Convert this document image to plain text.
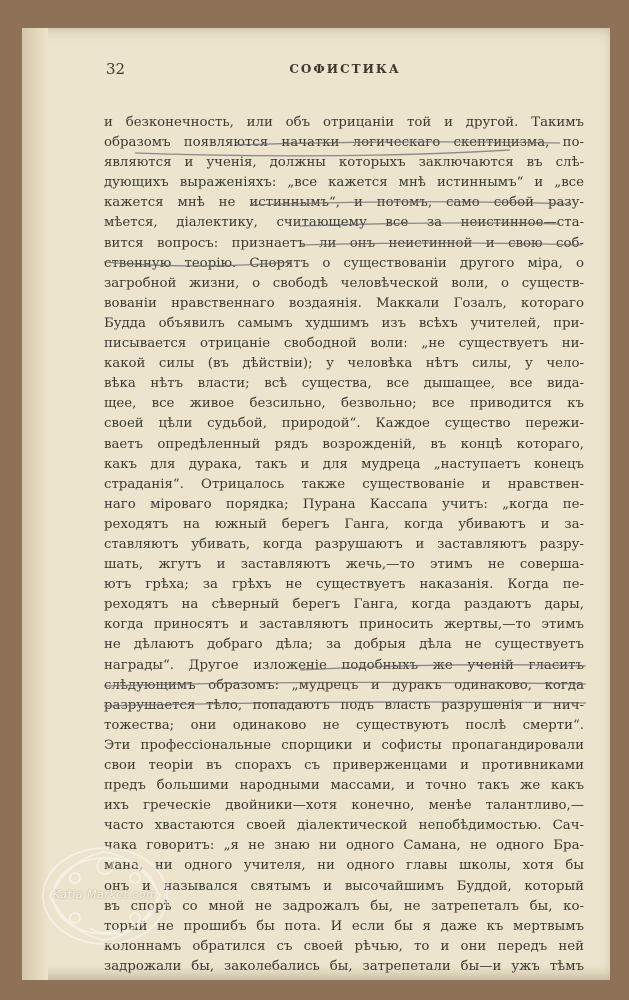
32	СОФИСТИКА
и безконечность, или объ отрицаніи той и другой. Такимъ
образомъ появляются начатки логическаго скептицизма, по-
являются и ученія, должны которыхъ заключаются въ слѣ-
дующихъ выраженіяхъ: „все кажется мнѣ истиннымъ“ и „все
кажется мнѣ не истиннымъ“, и потомъ, само собой разу-
мѣется, діалектику, считающему все за неистинное—ста-
вится вопросъ: признаетъ ли онъ неистинной и свою соб-
ственную теорію. Спорятъ о существованіи другого міра, о
загробной жизни, о свободѣ человѣческой воли, о существ-
вованіи нравственнаго воздаянія. Маккали Гозалъ, котораго
Будда объявилъ самымъ худшимъ изъ всѣхъ учителей, при-
писывается отрицаніе свободной воли: „не существуетъ ни-
какой силы (въ дѣйствіи); у человѣка нѣтъ силы, у чело-
вѣка нѣтъ власти; всѣ существа, все дышащее, все вида-
щее, все живое безсильно, безвольно; все приводится къ
своей цѣли судьбой, природой“. Каждое существо пережи-
ваетъ опредѣленный рядъ возрожденій, въ концѣ котораго,
какъ для дурака, такъ и для мудреца „наступаетъ конецъ
страданія“. Отрицалось также существованіе и нравствен-
наго міроваго порядка; Пурана Кассапа учитъ: „когда пе-
реходятъ на южный берегъ Ганга, когда убиваютъ и за-
ставляютъ убивать, когда разрушаютъ и заставляютъ разру-
шать, жгутъ и заставляютъ жечь,—то этимъ не соверша-
ютъ грѣха; за грѣхъ не существуетъ наказанія. Когда пе-
реходятъ на сѣверный берегъ Ганга, когда раздаютъ дары,
когда приносятъ и заставляютъ приносить жертвы,—то этимъ
не дѣлаютъ добраго дѣла; за добрыя дѣла не существуетъ
награды“. Другое изложеніе подобныхъ же ученій гласитъ
слѣдующимъ образомъ: „мудрецъ и дуракъ одинаково, когда
разрушается тѣло, попадаютъ подъ власть разрушенія и нич-
тожества; они одинаково не существуютъ послѣ смерти“.
Эти профессіональные спорщики и софисты пропагандировали
свои теоріи въ спорахъ съ приверженцами и противниками
предъ большими народными массами, и точно такъ же какъ
ихъ греческіе двойники—хотя конечно, менѣе талантливо,—
часто хвастаются своей діалектической непобѣдимостью. Сач-
чака говоритъ: „я не знаю ни одного Самана, не одного Бра-
мана, ни одного учителя, ни одного главы школы, хотя бы
онъ и назывался святымъ и высочайшимъ Буддой, который
въ спорѣ со мной не задрожалъ бы, не затрепеталъ бы, ко-
торый не прошибъ бы пота. И если бы я даже къ мертвымъ
колоннамъ обратился съ своей рѣчью, то и они передъ ней
задрожали бы, заколебались бы, затрепетали бы—и ужъ тѣмъ
Katia Market.com
